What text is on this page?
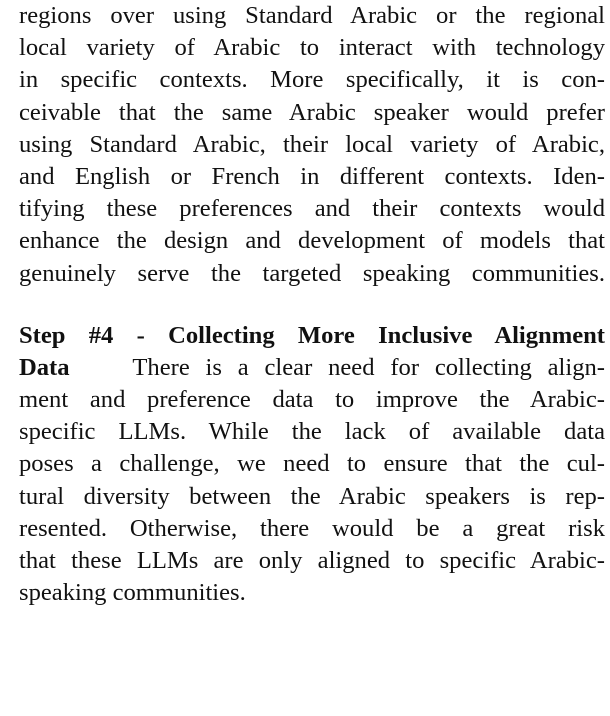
regions over using Standard Arabic or the regional
local variety of Arabic to interact with technology
in specific contexts. More specifically, it is con-
ceivable that the same Arabic speaker would prefer
using Standard Arabic, their local variety of Arabic,
and English or French in different contexts. Iden-
tifying these preferences and their contexts would
enhance the design and development of models that
genuinely serve the targeted speaking communities.
Step #4 - Collecting More Inclusive Alignment
Data	There is a clear need for collecting align-
ment and preference data to improve the Arabic-
specific LLMs. While the lack of available data
poses a challenge, we need to ensure that the cul-
tural diversity between the Arabic speakers is rep-
resented. Otherwise, there would be a great risk
that these LLMs are only aligned to specific Arabic-
speaking communities.
